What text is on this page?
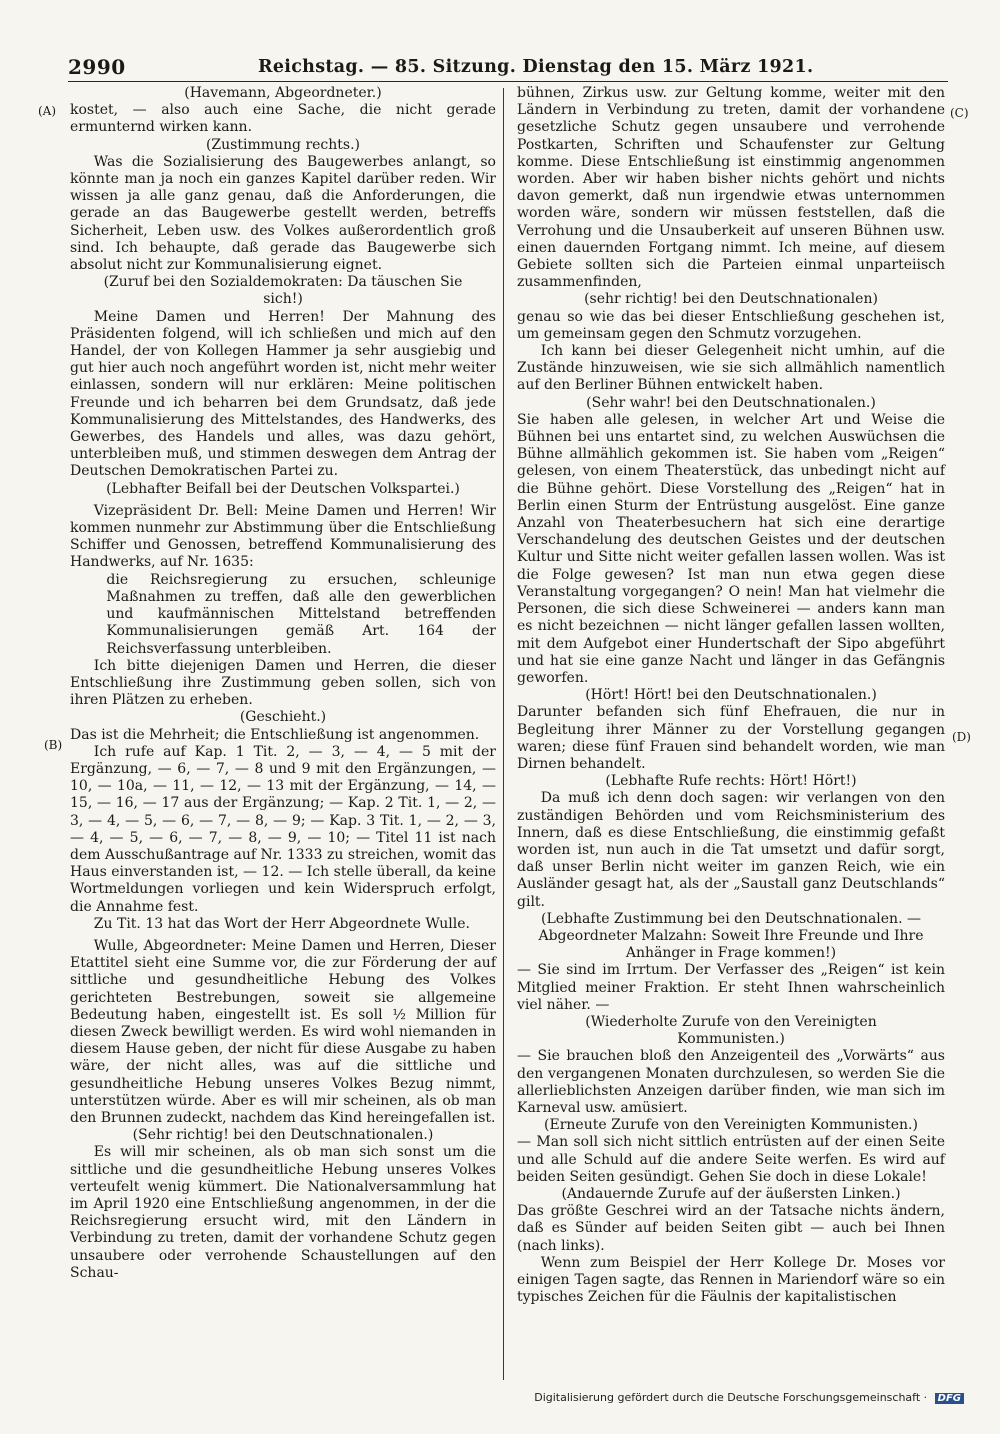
2990	Reichstag. — 85. Sitzung. Dienstag den 15. März 1921.
(A)
(B)
(C)
(D)

(Havemann, Abgeordneter.)

kostet, — also auch eine Sache, die nicht gerade ermunternd wirken kann.

(Zustimmung rechts.)

Was die Sozialisierung des Baugewerbes anlangt, so könnte man ja noch ein ganzes Kapitel darüber reden. Wir wissen ja alle ganz genau, daß die Anforderungen, die gerade an das Baugewerbe gestellt werden, betreffs Sicherheit, Leben usw. des Volkes außerordentlich groß sind. Ich behaupte, daß gerade das Baugewerbe sich absolut nicht zur Kommunalisierung eignet.

(Zuruf bei den Sozialdemokraten: Da täuschen Sie sich!)

Meine Damen und Herren! Der Mahnung des Präsidenten folgend, will ich schließen und mich auf den Handel, der von Kollegen Hammer ja sehr ausgiebig und gut hier auch noch angeführt worden ist, nicht mehr weiter einlassen, sondern will nur erklären: Meine politischen Freunde und ich beharren bei dem Grundsatz, daß jede Kommunalisierung des Mittelstandes, des Handwerks, des Gewerbes, des Handels und alles, was dazu gehört, unterbleiben muß, und stimmen deswegen dem Antrag der Deutschen Demokratischen Partei zu.

(Lebhafter Beifall bei der Deutschen Volkspartei.)

Vizepräsident Dr. Bell: Meine Damen und Herren! Wir kommen nunmehr zur Abstimmung über die Entschließung Schiffer und Genossen, betreffend Kommunalisierung des Handwerks, auf Nr. 1635:

die Reichsregierung zu ersuchen, schleunige Maßnahmen zu treffen, daß alle den gewerblichen und kaufmännischen Mittelstand betreffenden Kommunalisierungen gemäß Art. 164 der Reichsverfassung unterbleiben.

Ich bitte diejenigen Damen und Herren, die dieser Entschließung ihre Zustimmung geben sollen, sich von ihren Plätzen zu erheben.

(Geschieht.)

Das ist die Mehrheit; die Entschließung ist angenommen.

Ich rufe auf Kap. 1 Tit. 2, — 3, — 4, — 5 mit der Ergänzung, — 6, — 7, — 8 und 9 mit den Ergänzungen, — 10, — 10a, — 11, — 12, — 13 mit der Ergänzung, — 14, — 15, — 16, — 17 aus der Ergänzung; — Kap. 2 Tit. 1, — 2, — 3, — 4, — 5, — 6, — 7, — 8, — 9; — Kap. 3 Tit. 1, — 2, — 3, — 4, — 5, — 6, — 7, — 8, — 9, — 10; — Titel 11 ist nach dem Ausschußantrage auf Nr. 1333 zu streichen, womit das Haus einverstanden ist, — 12. — Ich stelle überall, da keine Wortmeldungen vorliegen und kein Widerspruch erfolgt, die Annahme fest.

Zu Tit. 13 hat das Wort der Herr Abgeordnete Wulle.

Wulle, Abgeordneter: Meine Damen und Herren, Dieser Etattitel sieht eine Summe vor, die zur Förderung der auf sittliche und gesundheitliche Hebung des Volkes gerichteten Bestrebungen, soweit sie allgemeine Bedeutung haben, eingestellt ist. Es soll ½ Million für diesen Zweck bewilligt werden. Es wird wohl niemanden in diesem Hause geben, der nicht für diese Ausgabe zu haben wäre, der nicht alles, was auf die sittliche und gesundheitliche Hebung unseres Volkes Bezug nimmt, unterstützen würde. Aber es will mir scheinen, als ob man den Brunnen zudeckt, nachdem das Kind hereingefallen ist.

(Sehr richtig! bei den Deutschnationalen.)

Es will mir scheinen, als ob man sich sonst um die sittliche und die gesundheitliche Hebung unseres Volkes verteufelt wenig kümmert. Die Nationalversammlung hat im April 1920 eine Entschließung angenommen, in der die Reichsregierung ersucht wird, mit den Ländern in Verbindung zu treten, damit der vorhandene Schutz gegen unsaubere oder verrohende Schaustellungen auf den Schau-

bühnen, Zirkus usw. zur Geltung komme, weiter mit den Ländern in Verbindung zu treten, damit der vorhandene gesetzliche Schutz gegen unsaubere und verrohende Postkarten, Schriften und Schaufenster zur Geltung komme. Diese Entschließung ist einstimmig angenommen worden. Aber wir haben bisher nichts gehört und nichts davon gemerkt, daß nun irgendwie etwas unternommen worden wäre, sondern wir müssen feststellen, daß die Verrohung und die Unsauberkeit auf unseren Bühnen usw. einen dauernden Fortgang nimmt. Ich meine, auf diesem Gebiete sollten sich die Parteien einmal unparteiisch zusammenfinden,

(sehr richtig! bei den Deutschnationalen)

genau so wie das bei dieser Entschließung geschehen ist, um gemeinsam gegen den Schmutz vorzugehen.

Ich kann bei dieser Gelegenheit nicht umhin, auf die Zustände hinzuweisen, wie sie sich allmählich namentlich auf den Berliner Bühnen entwickelt haben.

(Sehr wahr! bei den Deutschnationalen.)

Sie haben alle gelesen, in welcher Art und Weise die Bühnen bei uns entartet sind, zu welchen Auswüchsen die Bühne allmählich gekommen ist. Sie haben vom „Reigen“ gelesen, von einem Theaterstück, das unbedingt nicht auf die Bühne gehört. Diese Vorstellung des „Reigen“ hat in Berlin einen Sturm der Entrüstung ausgelöst. Eine ganze Anzahl von Theaterbesuchern hat sich eine derartige Verschandelung des deutschen Geistes und der deutschen Kultur und Sitte nicht weiter gefallen lassen wollen. Was ist die Folge gewesen? Ist man nun etwa gegen diese Veranstaltung vorgegangen? O nein! Man hat vielmehr die Personen, die sich diese Schweinerei — anders kann man es nicht bezeichnen — nicht länger gefallen lassen wollten, mit dem Aufgebot einer Hundertschaft der Sipo abgeführt und hat sie eine ganze Nacht und länger in das Gefängnis geworfen.

(Hört! Hört! bei den Deutschnationalen.)

Darunter befanden sich fünf Ehefrauen, die nur in Begleitung ihrer Männer zu der Vorstellung gegangen waren; diese fünf Frauen sind behandelt worden, wie man Dirnen behandelt.

(Lebhafte Rufe rechts: Hört! Hört!)

Da muß ich denn doch sagen: wir verlangen von den zuständigen Behörden und vom Reichsministerium des Innern, daß es diese Entschließung, die einstimmig gefaßt worden ist, nun auch in die Tat umsetzt und dafür sorgt, daß unser Berlin nicht weiter im ganzen Reich, wie ein Ausländer gesagt hat, als der „Saustall ganz Deutschlands“ gilt.

(Lebhafte Zustimmung bei den Deutschnationalen. — Abgeordneter Malzahn: Soweit Ihre Freunde und Ihre Anhänger in Frage kommen!)

— Sie sind im Irrtum. Der Verfasser des „Reigen“ ist kein Mitglied meiner Fraktion. Er steht Ihnen wahrscheinlich viel näher. —

(Wiederholte Zurufe von den Vereinigten Kommunisten.)

— Sie brauchen bloß den Anzeigenteil des „Vorwärts“ aus den vergangenen Monaten durchzulesen, so werden Sie die allerlieblichsten Anzeigen darüber finden, wie man sich im Karneval usw. amüsiert.

(Erneute Zurufe von den Vereinigten Kommunisten.)

— Man soll sich nicht sittlich entrüsten auf der einen Seite und alle Schuld auf die andere Seite werfen. Es wird auf beiden Seiten gesündigt. Gehen Sie doch in diese Lokale!

(Andauernde Zurufe auf der äußersten Linken.)

Das größte Geschrei wird an der Tatsache nichts ändern, daß es Sünder auf beiden Seiten gibt — auch bei Ihnen (nach links).

Wenn zum Beispiel der Herr Kollege Dr. Moses vor einigen Tagen sagte, das Rennen in Mariendorf wäre so ein typisches Zeichen für die Fäulnis der kapitalistischen

Digitalisierung gefördert durch die Deutsche Forschungsgemeinschaft · DFG
